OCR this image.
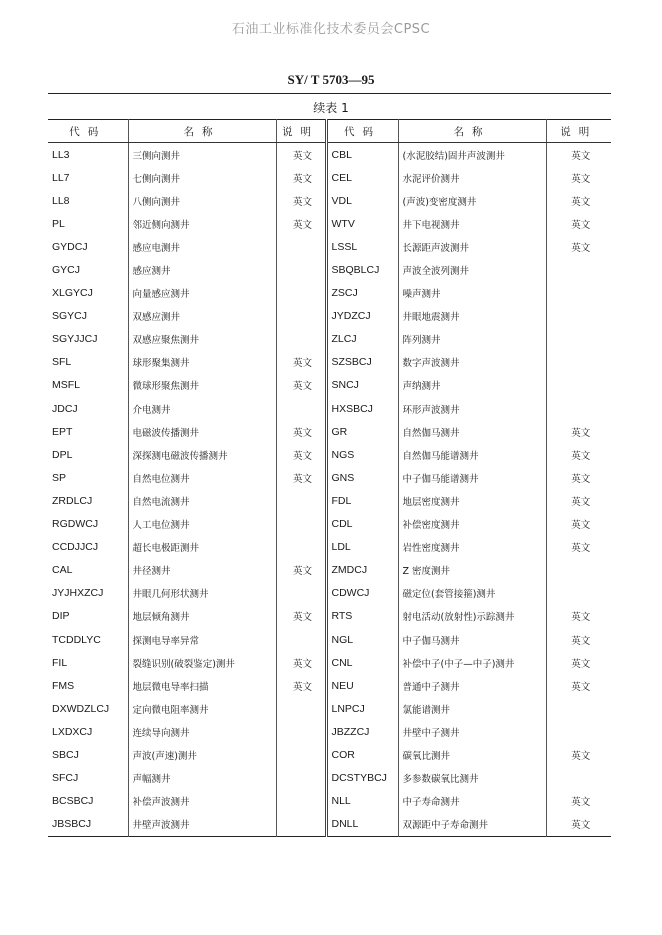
石油工业标准化技术委员会CPSC
SY/ T 5703—95
续表 1
代码	名称	说明	代码	名称	说明
LL3	三侧向测井	英文	CBL	(水泥胶结)固井声波测井	英文
LL7	七侧向测井	英文	CEL	水泥评价测井	英文
LL8	八侧向测井	英文	VDL	(声波)变密度测井	英文
PL	邻近侧向测井	英文	WTV	井下电视测井	英文
GYDCJ	感应电测井		LSSL	长源距声波测井	英文
GYCJ	感应测井		SBQBLCJ	声波全波列测井	
XLGYCJ	向量感应测井		ZSCJ	噪声测井	
SGYCJ	双感应测井		JYDZCJ	井眼地震测井	
SGYJJCJ	双感应聚焦测井		ZLCJ	阵列测井	
SFL	球形聚集测井	英文	SZSBCJ	数字声波测井	
MSFL	微球形聚焦测井	英文	SNCJ	声纳测井	
JDCJ	介电测井		HXSBCJ	环形声波测井	
EPT	电磁波传播测井	英文	GR	自然伽马测井	英文
DPL	深探测电磁波传播测井	英文	NGS	自然伽马能谱测井	英文
SP	自然电位测井	英文	GNS	中子伽马能谱测井	英文
ZRDLCJ	自然电流测井		FDL	地层密度测井	英文
RGDWCJ	人工电位测井		CDL	补偿密度测井	英文
CCDJJCJ	超长电极距测井		LDL	岩性密度测井	英文
CAL	井径测井	英文	ZMDCJ	Z 密度测井	
JYJHXZCJ	井眼几何形状测井		CDWCJ	磁定位(套管接箍)测井	
DIP	地层倾角测井	英文	RTS	射电活动(放射性)示踪测井	英文
TCDDLYC	探测电导率异常		NGL	中子伽马测井	英文
FIL	裂缝识别(破裂鉴定)测井	英文	CNL	补偿中子(中子—中子)测井	英文
FMS	地层微电导率扫描	英文	NEU	普通中子测井	英文
DXWDZLCJ	定向微电阻率测井		LNPCJ	氯能谱测井	
LXDXCJ	连续导向测井		JBZZCJ	井壁中子测井	
SBCJ	声波(声速)测井		COR	碳氧比测井	英文
SFCJ	声幅测井		DCSTYBCJ	多参数碳氧比测井	
BCSBCJ	补偿声波测井		NLL	中子寿命测井	英文
JBSBCJ	井壁声波测井		DNLL	双源距中子寿命测井	英文
